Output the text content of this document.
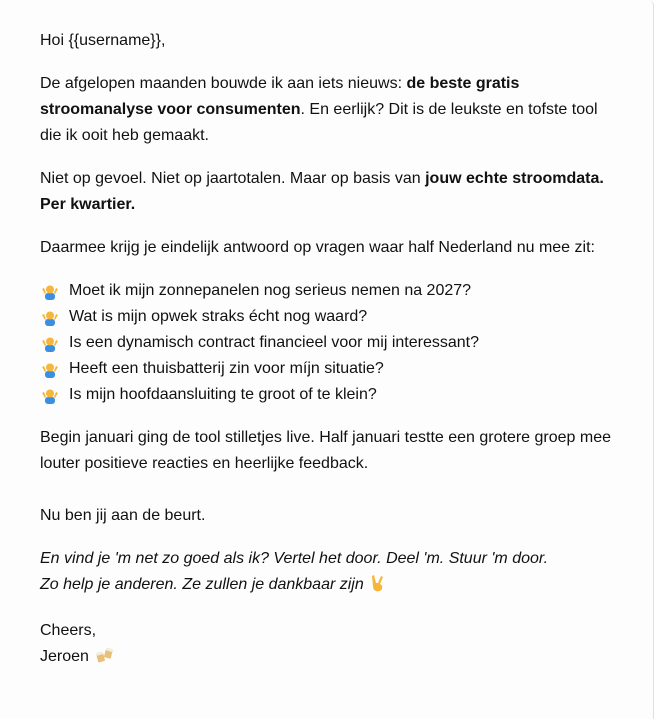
Hoi {{username}},

De afgelopen maanden bouwde ik aan iets nieuws: de beste gratis stroomanalyse voor consumenten. En eerlijk? Dit is de leukste en tofste tool die ik ooit heb gemaakt.

Niet op gevoel. Niet op jaartotalen. Maar op basis van jouw echte stroomdata. Per kwartier.

Daarmee krijg je eindelijk antwoord op vragen waar half Nederland nu mee zit:

Moet ik mijn zonnepanelen nog serieus nemen na 2027?
Wat is mijn opwek straks écht nog waard?
Is een dynamisch contract financieel voor mij interessant?
Heeft een thuisbatterij zin voor míjn situatie?
Is mijn hoofdaansluiting te groot of te klein?

Begin januari ging de tool stilletjes live. Half januari testte een grotere groep mee louter positieve reacties en heerlijke feedback.

Nu ben jij aan de beurt.

En vind je 'm net zo goed als ik? Vertel het door. Deel 'm. Stuur 'm door.
Zo help je anderen. Ze zullen je dankbaar zijn

Cheers,

Jeroen
